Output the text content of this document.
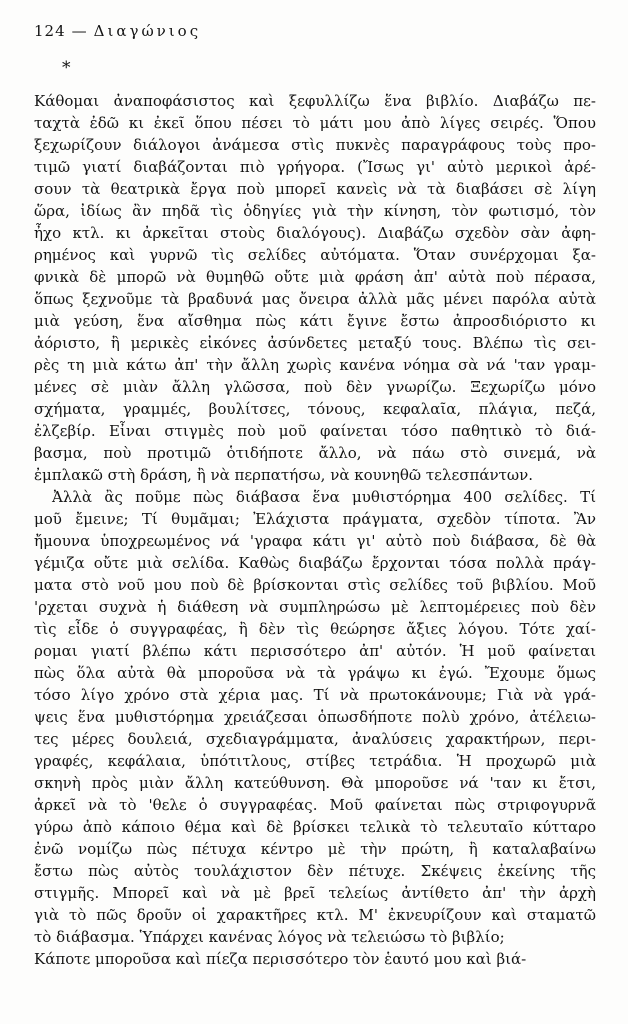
124 — Διαγώνιος
*
Κάθομαι ἀναποφάσιστος καὶ ξεφυλλίζω ἕνα βιβλίο. Διαβάζω πε-
ταχτὰ ἐδῶ κι ἐκεῖ ὅπου πέσει τὸ μάτι μου ἀπὸ λίγες σειρές. Ὅπου
ξεχωρίζουν διάλογοι ἀνάμεσα στὶς πυκνὲς παραγράφους τοὺς προ-
τιμῶ γιατί διαβάζονται πιὸ γρήγορα. (Ἴσως γι' αὐτὸ μερικοὶ ἀρέ-
σουν τὰ θεατρικὰ ἔργα ποὺ μπορεῖ κανεὶς νὰ τὰ διαβάσει σὲ λίγη
ὥρα, ἰδίως ἂν πηδᾶ τὶς ὁδηγίες γιὰ τὴν κίνηση, τὸν φωτισμό, τὸν
ἦχο κτλ. κι ἀρκεῖται στοὺς διαλόγους). Διαβάζω σχεδὸν σὰν ἀφη-
ρημένος καὶ γυρνῶ τὶς σελίδες αὐτόματα. Ὅταν συνέρχομαι ξα-
φνικὰ δὲ μπορῶ νὰ θυμηθῶ οὔτε μιὰ φράση ἀπ' αὐτὰ ποὺ πέρασα,
ὅπως ξεχνοῦμε τὰ βραδυνά μας ὄνειρα ἀλλὰ μᾶς μένει παρόλα αὐτὰ
μιὰ γεύση, ἕνα αἴσθημα πὼς κάτι ἔγινε ἔστω ἀπροσδιόριστο κι
ἀόριστο, ἢ μερικὲς εἰκόνες ἀσύνδετες μεταξύ τους. Βλέπω τὶς σει-
ρὲς τη μιὰ κάτω ἀπ' τὴν ἄλλη χωρὶς κανένα νόημα σὰ νά 'ταν γραμ-
μένες σὲ μιὰν ἄλλη γλῶσσα, ποὺ δὲν γνωρίζω. Ξεχωρίζω μόνο
σχήματα, γραμμές, βουλίτσες, τόνους, κεφαλαῖα, πλάγια, πεζά,
ἐλζεβίρ. Εἶναι στιγμὲς ποὺ μοῦ φαίνεται τόσο παθητικὸ τὸ διά-
βασμα, ποὺ προτιμῶ ὁτιδήποτε ἄλλο, νὰ πάω στὸ σινεμά, νὰ
ἐμπλακῶ στὴ δράση, ἢ νὰ περπατήσω, νὰ κουνηθῶ τελεσπάντων.
Ἀλλὰ ἂς ποῦμε πὼς διάβασα ἕνα μυθιστόρημα 400 σελίδες. Τί
μοῦ ἔμεινε; Τί θυμᾶμαι; Ἐλάχιστα πράγματα, σχεδὸν τίποτα. Ἂν
ἤμουνα ὑποχρεωμένος νά 'γραφα κάτι γι' αὐτὸ ποὺ διάβασα, δὲ θὰ
γέμιζα οὔτε μιὰ σελίδα. Καθὼς διαβάζω ἔρχονται τόσα πολλὰ πράγ-
ματα στὸ νοῦ μου ποὺ δὲ βρίσκονται στὶς σελίδες τοῦ βιβλίου. Μοῦ
'ρχεται συχνὰ ἡ διάθεση νὰ συμπληρώσω μὲ λεπτομέρειες ποὺ δὲν
τὶς εἶδε ὁ συγγραφέας, ἢ δὲν τὶς θεώρησε ἄξιες λόγου. Τότε χαί-
ρομαι γιατί βλέπω κάτι περισσότερο ἀπ' αὐτόν. Ἡ μοῦ φαίνεται
πὼς ὅλα αὐτὰ θὰ μποροῦσα νὰ τὰ γράψω κι ἐγώ. Ἔχουμε ὅμως
τόσο λίγο χρόνο στὰ χέρια μας. Τί νὰ πρωτοκάνουμε; Γιὰ νὰ γρά-
ψεις ἕνα μυθιστόρημα χρειάζεσαι ὁπωσδήποτε πολὺ χρόνο, ἀτέλειω-
τες μέρες δουλειά, σχεδιαγράμματα, ἀναλύσεις χαρακτήρων, περι-
γραφές, κεφάλαια, ὑπότιτλους, στίβες τετράδια. Ἡ προχωρῶ μιὰ
σκηνὴ πρὸς μιὰν ἄλλη κατεύθυνση. Θὰ μποροῦσε νά 'ταν κι ἔτσι,
ἀρκεῖ νὰ τὸ 'θελε ὁ συγγραφέας. Μοῦ φαίνεται πὼς στριφογυρνᾶ
γύρω ἀπὸ κάποιο θέμα καὶ δὲ βρίσκει τελικὰ τὸ τελευταῖο κύτταρο
ἐνῶ νομίζω πὼς πέτυχα κέντρο μὲ τὴν πρώτη, ἢ καταλαβαίνω
ἔστω πὼς αὐτὸς τουλάχιστον δὲν πέτυχε. Σκέψεις ἐκείνης τῆς
στιγμῆς. Μπορεῖ καὶ νὰ μὲ βρεῖ τελείως ἀντίθετο ἀπ' τὴν ἀρχὴ
γιὰ τὸ πῶς δροῦν οἱ χαρακτῆρες κτλ. Μ' ἐκνευρίζουν καὶ σταματῶ
τὸ διάβασμα. Ὑπάρχει κανένας λόγος νὰ τελειώσω τὸ βιβλίο;
Κάποτε μποροῦσα καὶ πίεζα περισσότερο τὸν ἑαυτό μου καὶ βιά-
